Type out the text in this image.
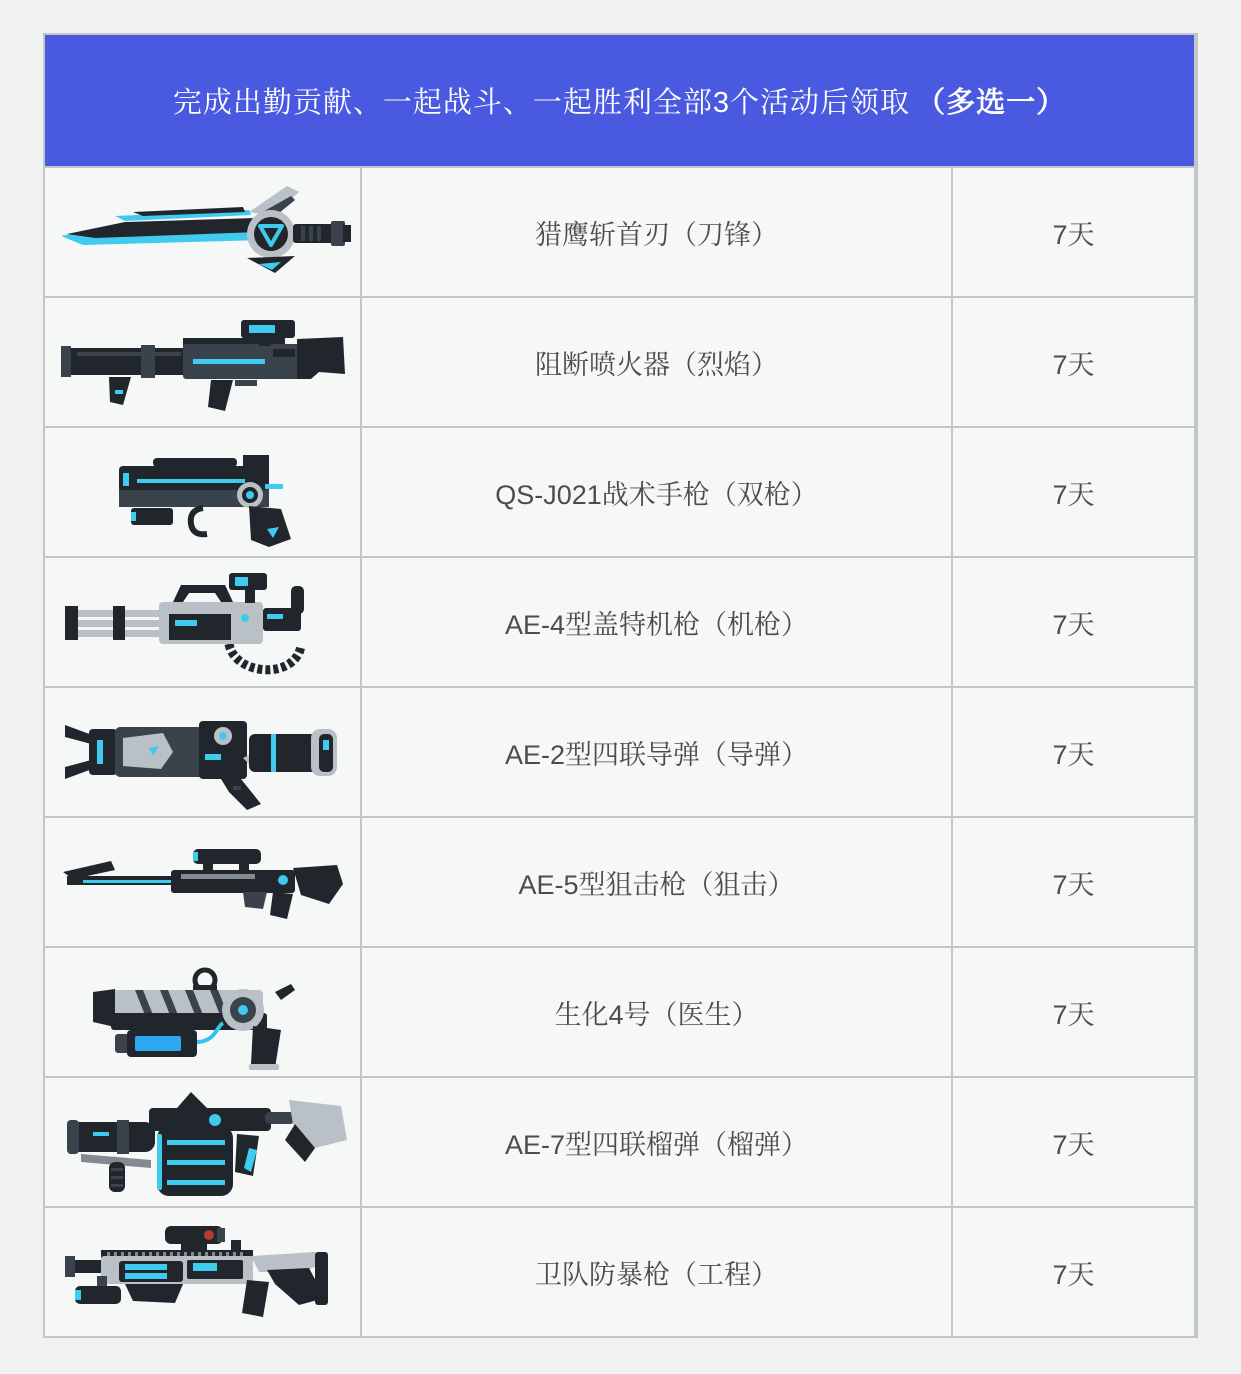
完成出勤贡献、一起战斗、一起胜利全部3个活动后领取 （多选一）
猎鹰斩首刃（刀锋）	7天
阻断喷火器（烈焰）	7天
QS-J021战术手枪（双枪）	7天
AE-4型盖特机枪（机枪）	7天
AE-2型四联导弹（导弹）	7天
AE-5型狙击枪（狙击）	7天
生化4号（医生）	7天
AE-7型四联榴弹（榴弹）	7天
卫队防暴枪（工程）	7天
